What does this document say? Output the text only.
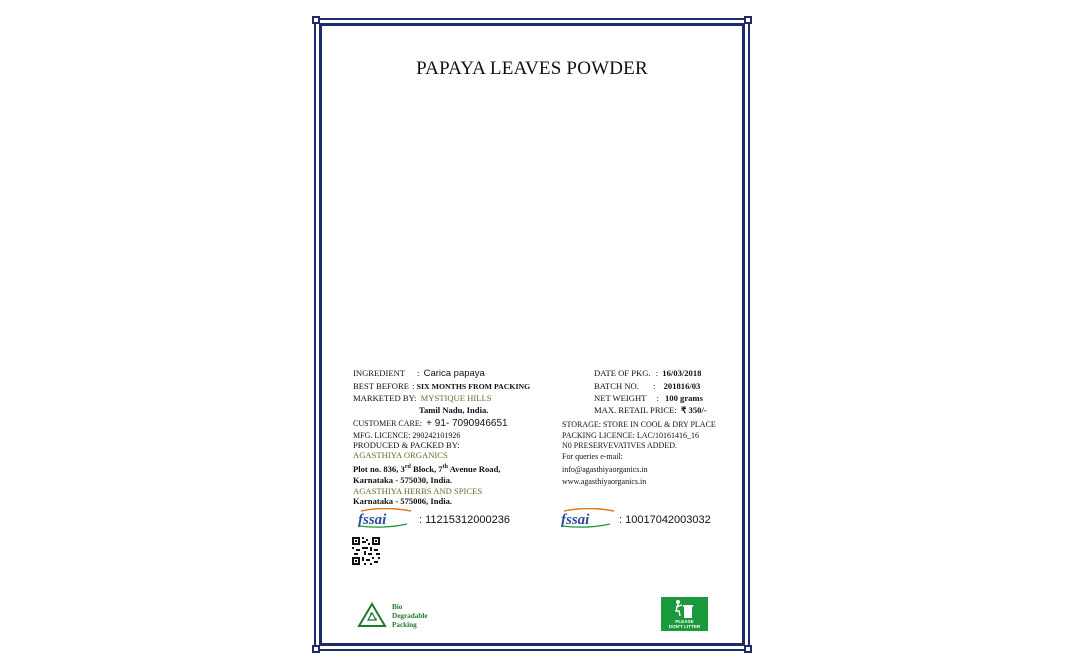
PAPAYA LEAVES POWDER
INGREDIENT : Carica papaya
BEST BEFORE : SIX MONTHS FROM PACKING
MARKETED BY: MYSTIQUE HILLS
Tamil Nadu, India.
CUSTOMER CARE: + 91- 7090946651
MFG. LICENCE: 290242101926
PRODUCED & PACKED BY:
AGASTHIYA ORGANICS
Plot no. 836, 3rd Block, 7th Avenue Road,
Karnataka - 575030, India.
AGASTHIYA HERBS AND SPICES
Karnataka - 575006, India.
DATE OF PKG. : 16/03/2018
BATCH NO. : 201816/03
NET WEIGHT : 100 grams
MAX. RETAIL PRICE: ₹ 350/-
STORAGE: STORE IN COOL & DRY PLACE
PACKING LICENCE: LAC/10161416_16
N0 PRESERVEVATIVES ADDED.
For queries e-mail:
info@agasthiyaorganics.in
www.agasthiyaorganics.in
fssai	: 11215312000236	fssai	: 10017042003032
Bio
Degradable
Packing	PLEASE
DON'T LITTER
